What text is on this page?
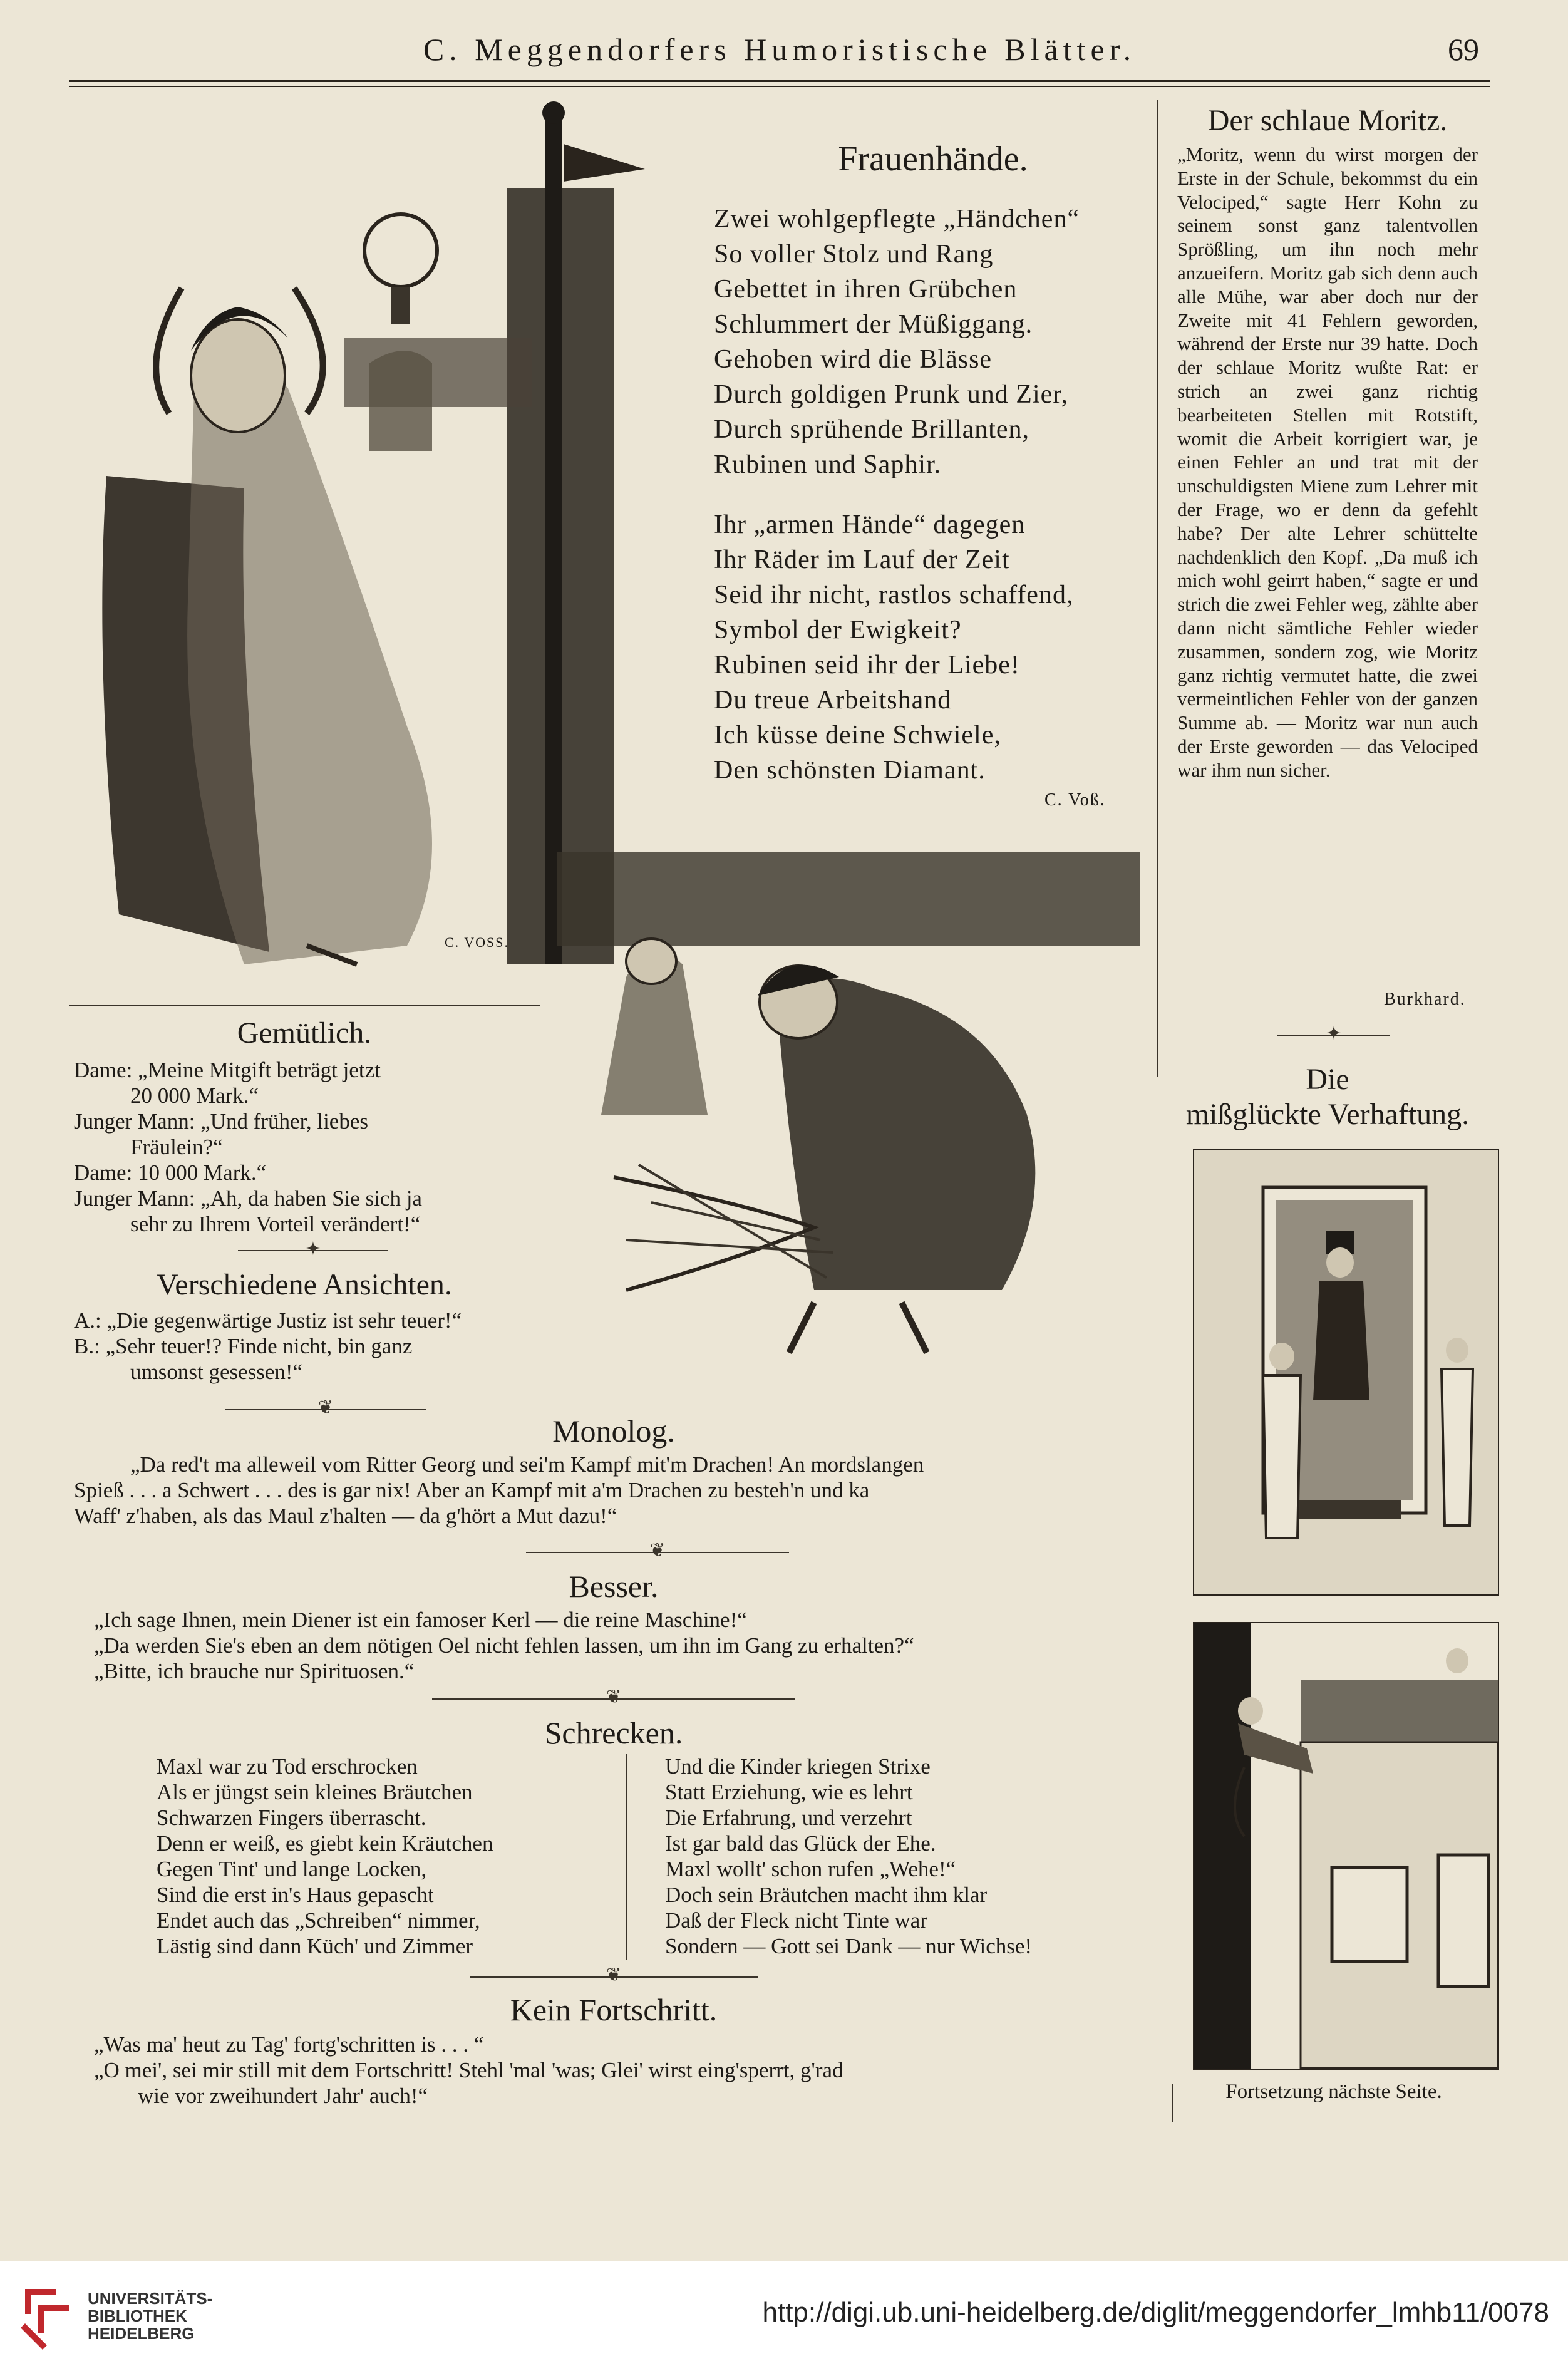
C. Meggendorfers Humoristische Blätter.	69
C. VOSS.
Frauenhände.
Zwei wohlgepflegte „Händchen“
So voller Stolz und Rang
Gebettet in ihren Grübchen
Schlummert der Müßiggang.
Gehoben wird die Blässe
Durch goldigen Prunk und Zier,
Durch sprühende Brillanten,
Rubinen und Saphir.
Ihr „armen Hände“ dagegen
Ihr Räder im Lauf der Zeit
Seid ihr nicht, rastlos schaffend,
Symbol der Ewigkeit?
Rubinen seid ihr der Liebe!
Du treue Arbeitshand
Ich küsse deine Schwiele,
Den schönsten Diamant.
C. Voß.
Der schlaue Moritz.
„Moritz, wenn du wirst morgen der Erste in der Schule, bekommst du ein Velociped,“ sagte Herr Kohn zu seinem sonst ganz talentvollen Sprößling, um ihn noch mehr anzueifern. Moritz gab sich denn auch alle Mühe, war aber doch nur der Zweite mit 41 Fehlern geworden, während der Erste nur 39 hatte. Doch der schlaue Moritz wußte Rat: er strich an zwei ganz richtig bearbeiteten Stellen mit Rotstift, womit die Arbeit korrigiert war, je einen Fehler an und trat mit der unschuldigsten Miene zum Lehrer mit der Frage, wo er denn da gefehlt habe? Der alte Lehrer schüttelte nachdenklich den Kopf. „Da muß ich mich wohl geirrt haben,“ sagte er und strich die zwei Fehler weg, zählte aber dann nicht sämtliche Fehler wieder zusammen, sondern zog, wie Moritz ganz richtig vermutet hatte, die zwei vermeintlichen Fehler von der ganzen Summe ab. — Moritz war nun auch der Erste geworden — das Velociped war ihm nun sicher.
Burkhard.
✦
Die
mißglückte Verhaftung.
Fortsetzung nächste Seite.
Gemütlich.
Dame: „Meine Mitgift beträgt jetzt
20 000 Mark.“
Junger Mann: „Und früher, liebes
Fräulein?“
Dame: 10 000 Mark.“
Junger Mann: „Ah, da haben Sie sich ja
sehr zu Ihrem Vorteil verändert!“
✦
Verschiedene Ansichten.
A.: „Die gegenwärtige Justiz ist sehr teuer!“
B.: „Sehr teuer!? Finde nicht, bin ganz
umsonst gesessen!“
❦
Monolog.
„Da red't ma alleweil vom Ritter Georg und sei'm Kampf mit'm Drachen! An mordslangen
Spieß . . . a Schwert . . . des is gar nix! Aber an Kampf mit a'm Drachen zu besteh'n und ka
Waff' z'haben, als das Maul z'halten — da g'hört a Mut dazu!“
❦
Besser.
„Ich sage Ihnen, mein Diener ist ein famoser Kerl — die reine Maschine!“
„Da werden Sie's eben an dem nötigen Oel nicht fehlen lassen, um ihn im Gang zu erhalten?“
„Bitte, ich brauche nur Spirituosen.“
❦
Schrecken.
Maxl war zu Tod erschrocken
Als er jüngst sein kleines Bräutchen
Schwarzen Fingers überrascht.
Denn er weiß, es giebt kein Kräutchen
Gegen Tint' und lange Locken,
Sind die erst in's Haus gepascht
Endet auch das „Schreiben“ nimmer,
Lästig sind dann Küch' und Zimmer
Und die Kinder kriegen Strixe
Statt Erziehung, wie es lehrt
Die Erfahrung, und verzehrt
Ist gar bald das Glück der Ehe.
Maxl wollt' schon rufen „Wehe!“
Doch sein Bräutchen macht ihm klar
Daß der Fleck nicht Tinte war
Sondern — Gott sei Dank — nur Wichse!
❦
Kein Fortschritt.
„Was ma' heut zu Tag' fortg'schritten is . . . “
„O mei', sei mir still mit dem Fortschritt! Stehl 'mal 'was; Glei' wirst eing'sperrt, g'rad
wie vor zweihundert Jahr' auch!“
UNIVERSITÄTS-
BIBLIOTHEK
HEIDELBERG
http://digi.ub.uni-heidelberg.de/diglit/meggendorfer_lmhb11/0078
